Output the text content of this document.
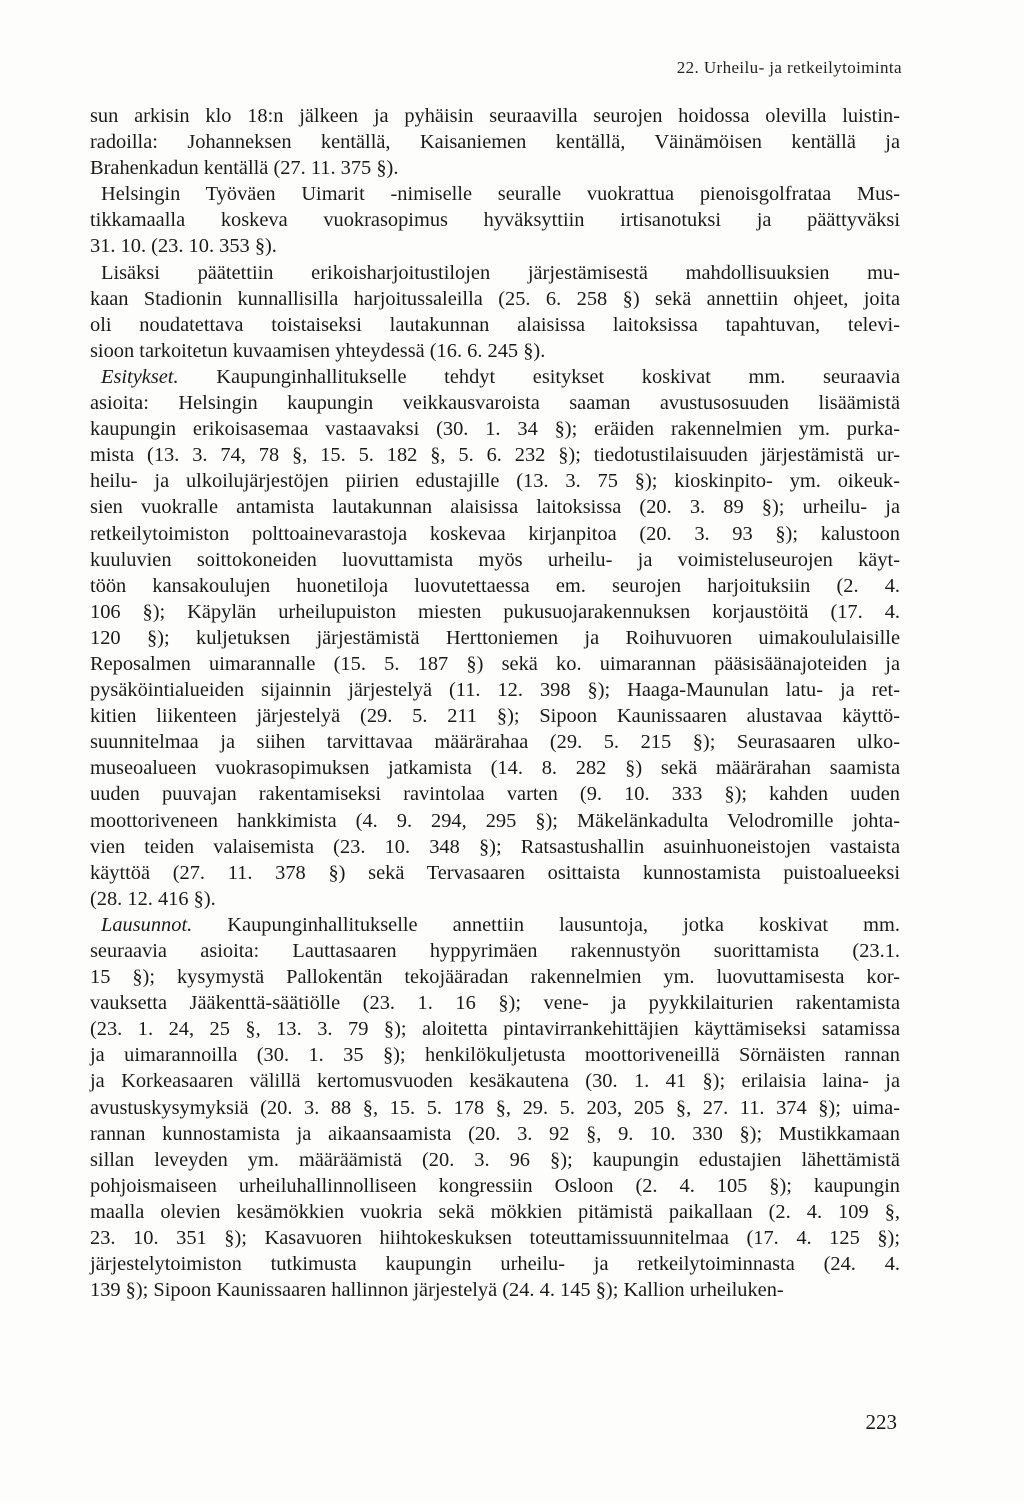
22. Urheilu- ja retkeilytoiminta
sun arkisin klo 18:n jälkeen ja pyhäisin seuraavilla seurojen hoidossa olevilla luistin-
radoilla: Johanneksen kentällä, Kaisaniemen kentällä, Väinämöisen kentällä ja
Brahenkadun kentällä (27. 11. 375 §).
Helsingin Työväen Uimarit -nimiselle seuralle vuokrattua pienoisgolfrataa Mus-
tikkamaalla koskeva vuokrasopimus hyväksyttiin irtisanotuksi ja päättyväksi
31. 10. (23. 10. 353 §).
Lisäksi päätettiin erikoisharjoitustilojen järjestämisestä mahdollisuuksien mu-
kaan Stadionin kunnallisilla harjoitussaleilla (25. 6. 258 §) sekä annettiin ohjeet, joita
oli noudatettava toistaiseksi lautakunnan alaisissa laitoksissa tapahtuvan, televi-
sioon tarkoitetun kuvaamisen yhteydessä (16. 6. 245 §).
Esitykset. Kaupunginhallitukselle tehdyt esitykset koskivat mm. seuraavia
asioita: Helsingin kaupungin veikkausvaroista saaman avustusosuuden lisäämistä
kaupungin erikoisasemaa vastaavaksi (30. 1. 34 §); eräiden rakennelmien ym. purka-
mista (13. 3. 74, 78 §, 15. 5. 182 §, 5. 6. 232 §); tiedotustilaisuuden järjestämistä ur-
heilu- ja ulkoilujärjestöjen piirien edustajille (13. 3. 75 §); kioskinpito- ym. oikeuk-
sien vuokralle antamista lautakunnan alaisissa laitoksissa (20. 3. 89 §); urheilu- ja
retkeilytoimiston polttoainevarastoja koskevaa kirjanpitoa (20. 3. 93 §); kalustoon
kuuluvien soittokoneiden luovuttamista myös urheilu- ja voimisteluseurojen käyt-
töön kansakoulujen huonetiloja luovutettaessa em. seurojen harjoituksiin (2. 4.
106 §); Käpylän urheilupuiston miesten pukusuojarakennuksen korjaustöitä (17. 4.
120 §); kuljetuksen järjestämistä Herttoniemen ja Roihuvuoren uimakoululaisille
Reposalmen uimarannalle (15. 5. 187 §) sekä ko. uimarannan pääsisäänajoteiden ja
pysäköintialueiden sijainnin järjestelyä (11. 12. 398 §); Haaga-Maunulan latu- ja ret-
kitien liikenteen järjestelyä (29. 5. 211 §); Sipoon Kaunissaaren alustavaa käyttö-
suunnitelmaa ja siihen tarvittavaa määrärahaa (29. 5. 215 §); Seurasaaren ulko-
museoalueen vuokrasopimuksen jatkamista (14. 8. 282 §) sekä määrärahan saamista
uuden puuvajan rakentamiseksi ravintolaa varten (9. 10. 333 §); kahden uuden
moottoriveneen hankkimista (4. 9. 294, 295 §); Mäkelänkadulta Velodromille johta-
vien teiden valaisemista (23. 10. 348 §); Ratsastushallin asuinhuoneistojen vastaista
käyttöä (27. 11. 378 §) sekä Tervasaaren osittaista kunnostamista puistoalueeksi
(28. 12. 416 §).
Lausunnot. Kaupunginhallitukselle annettiin lausuntoja, jotka koskivat mm.
seuraavia asioita: Lauttasaaren hyppyrimäen rakennustyön suorittamista (23.1.
15 §); kysymystä Pallokentän tekojääradan rakennelmien ym. luovuttamisesta kor-
vauksetta Jääkenttä-säätiölle (23. 1. 16 §); vene- ja pyykkilaiturien rakentamista
(23. 1. 24, 25 §, 13. 3. 79 §); aloitetta pintavirrankehittäjien käyttämiseksi satamissa
ja uimarannoilla (30. 1. 35 §); henkilökuljetusta moottoriveneillä Sörnäisten rannan
ja Korkeasaaren välillä kertomusvuoden kesäkautena (30. 1. 41 §); erilaisia laina- ja
avustuskysymyksiä (20. 3. 88 §, 15. 5. 178 §, 29. 5. 203, 205 §, 27. 11. 374 §); uima-
rannan kunnostamista ja aikaansaamista (20. 3. 92 §, 9. 10. 330 §); Mustikkamaan
sillan leveyden ym. määräämistä (20. 3. 96 §); kaupungin edustajien lähettämistä
pohjoismaiseen urheiluhallinnolliseen kongressiin Osloon (2. 4. 105 §); kaupungin
maalla olevien kesämökkien vuokria sekä mökkien pitämistä paikallaan (2. 4. 109 §,
23. 10. 351 §); Kasavuoren hiihtokeskuksen toteuttamissuunnitelmaa (17. 4. 125 §);
järjestelytoimiston tutkimusta kaupungin urheilu- ja retkeilytoiminnasta (24. 4.
139 §); Sipoon Kaunissaaren hallinnon järjestelyä (24. 4. 145 §); Kallion urheiluken-
223
